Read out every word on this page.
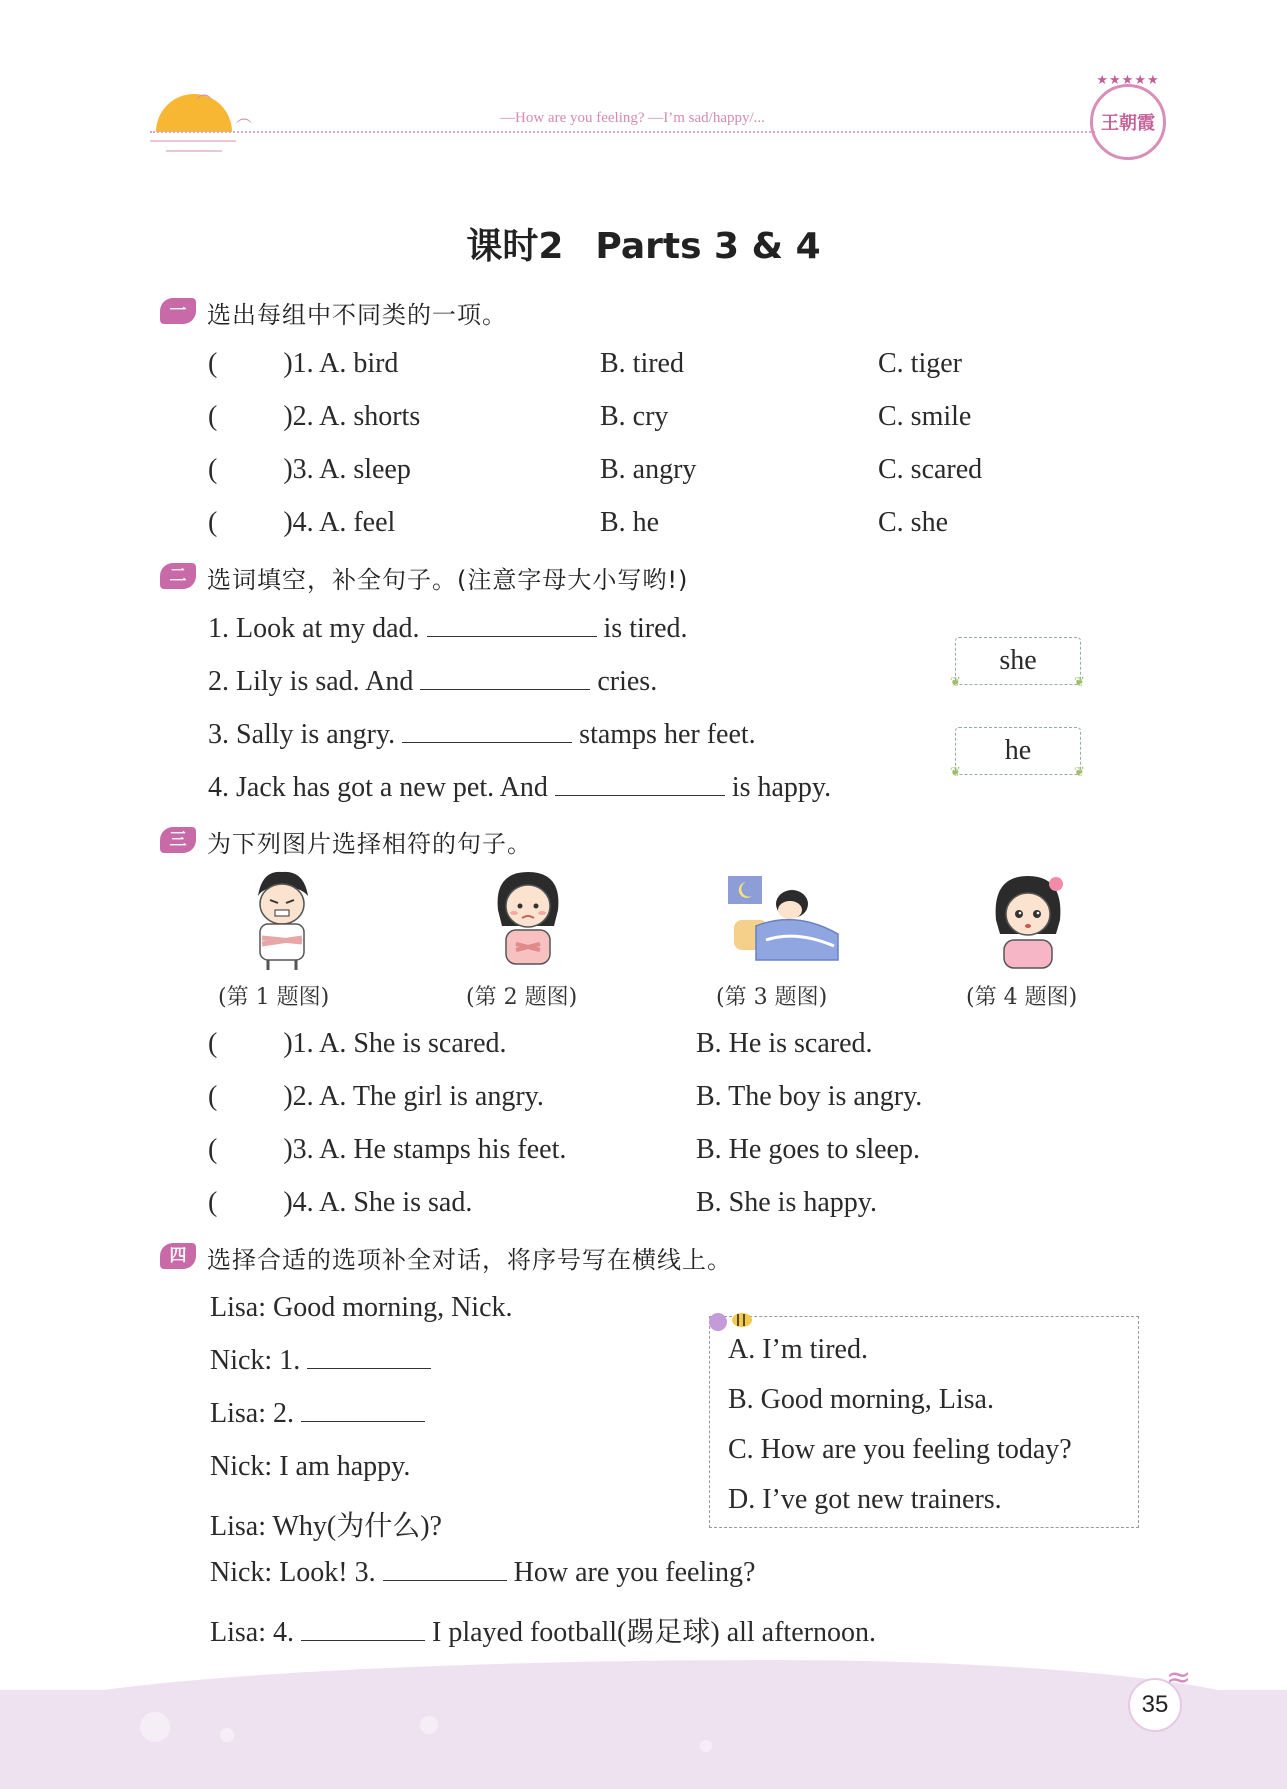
︵
︵	—How are you feeling? —I’m sad/happy/...
★★★★★
王朝霞
课时2 Parts 3 & 4
一 选出每组中不同类的一项。
( )1. A. bird	B. tired	C. tiger
( )2. A. shorts	B. cry	C. smile
( )3. A. sleep	B. angry	C. scared
( )4. A. feel	B. he	C. she
二 选词填空，补全句子。(注意字母大小写哟!)
1. Look at my dad.	is tired.
2. Lily is sad. And	cries.
3. Sally is angry.	stamps her feet.
4. Jack has got a new pet. And	is happy.
she
❦	❦
he
❦	❦
三 为下列图片选择相符的句子。
(第 1 题图)	(第 2 题图)	(第 3 题图)	(第 4 题图)
( )1. A. She is scared.	B. He is scared.
( )2. A. The girl is angry.	B. The boy is angry.
( )3. A. He stamps his feet.	B. He goes to sleep.
( )4. A. She is sad.	B. She is happy.
四 选择合适的选项补全对话，将序号写在横线上。
Lisa: Good morning, Nick.
Nick: 1.
Lisa: 2.
Nick: I am happy.
Lisa: Why(为什么)?
Nick: Look! 3.	How are you feeling?
Lisa: 4.	I played football(踢足球) all afternoon.
A. I’m tired.
B. Good morning, Lisa.
C. How are you feeling today?
D. I’ve got new trainers.
35
≈
